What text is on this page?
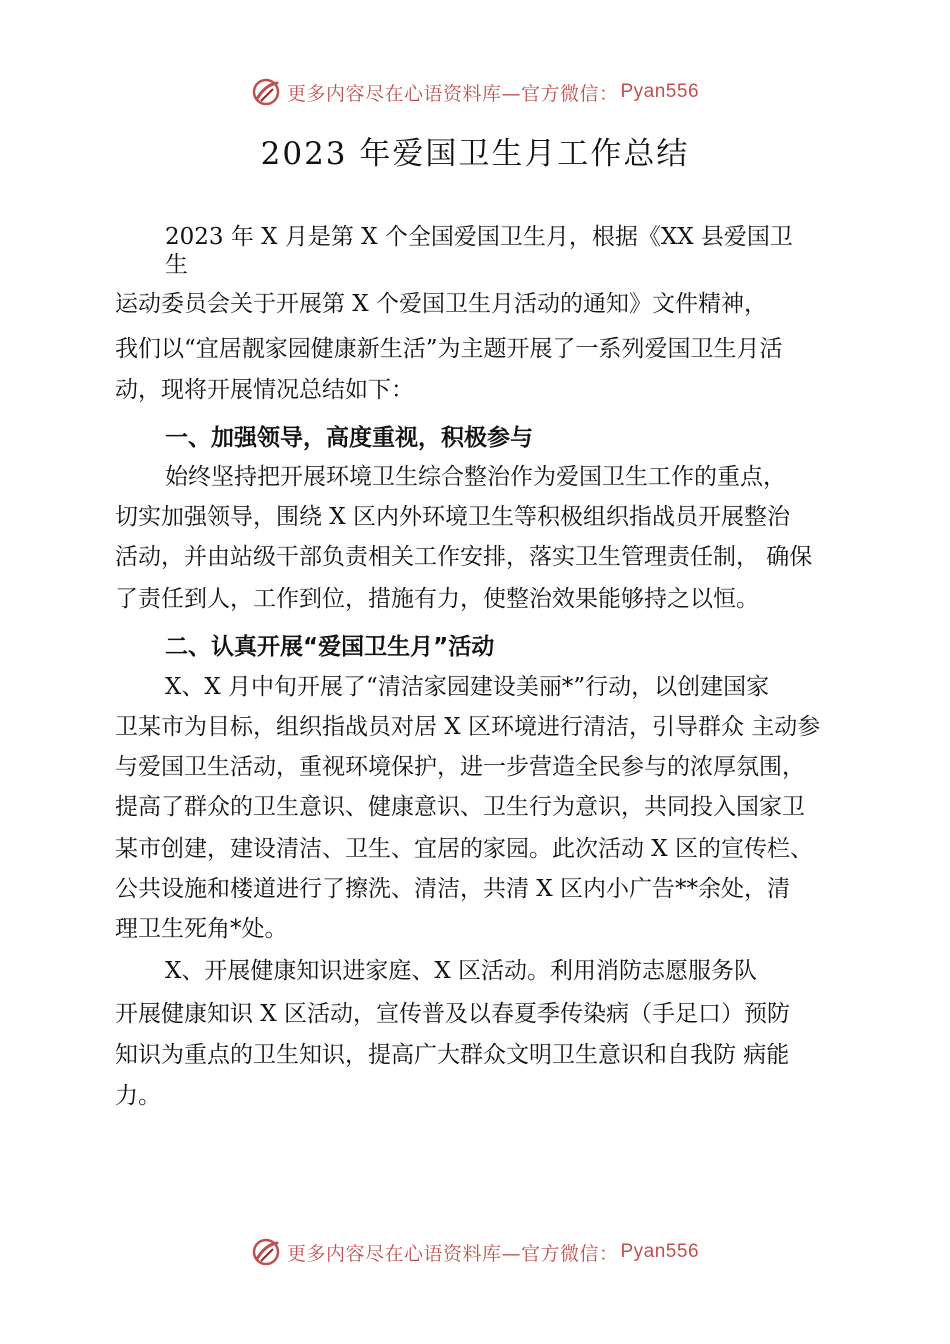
更多内容尽在心语资料库—官方微信： Pyan556
2023 年爱国卫生月工作总结
2023 年 X 月是第 X 个全国爱国卫生月，根据《XX 县爱国卫
生
运动委员会关于开展第 X 个爱国卫生月活动的通知》文件精神，
我们以“宜居靓家园健康新生活”为主题开展了一系列爱国卫生月活
动，现将开展情况总结如下：
一、加强领导，高度重视，积极参与
始终坚持把开展环境卫生综合整治作为爱国卫生工作的重点，
切实加强领导，围绕 X 区内外环境卫生等积极组织指战员开展整治
活动，并由站级干部负责相关工作安排，落实卫生管理责任制， 确保
了责任到人，工作到位，措施有力，使整治效果能够持之以恒。
二、认真开展“爱国卫生月”活动
X、X 月中旬开展了“清洁家园建设美丽*”行动，以创建国家
卫某市为目标，组织指战员对居 X 区环境进行清洁，引导群众 主动参
与爱国卫生活动，重视环境保护，进一步营造全民参与的浓厚氛围，
提高了群众的卫生意识、健康意识、卫生行为意识，共同投入国家卫
某市创建，建设清洁、卫生、宜居的家园。此次活动 X 区的宣传栏、
公共设施和楼道进行了擦洗、清洁，共清 X 区内小广告**余处，清
理卫生死角*处。
X、开展健康知识进家庭、X 区活动。利用消防志愿服务队
开展健康知识 X 区活动，宣传普及以春夏季传染病（手足口）预防
知识为重点的卫生知识，提高广大群众文明卫生意识和自我防 病能
力。
更多内容尽在心语资料库—官方微信： Pyan556
